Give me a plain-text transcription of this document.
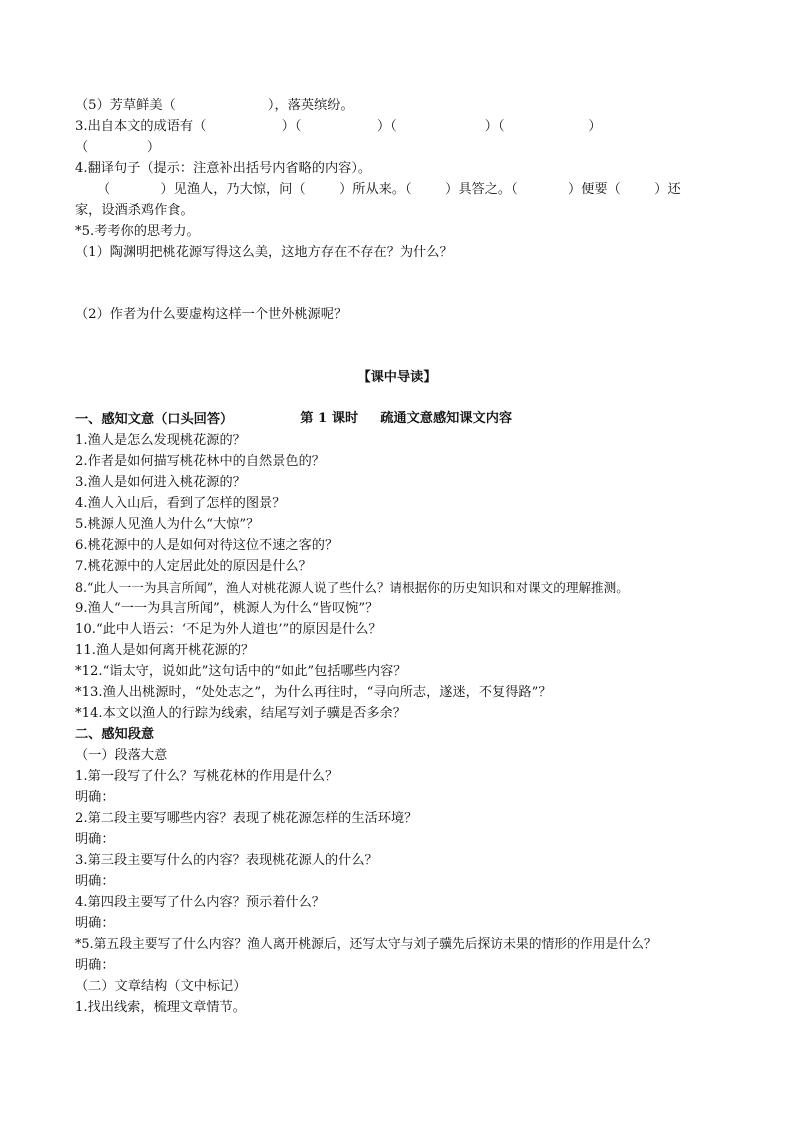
（5）芳草鲜美（                      ），落英缤纷。
3.出自本文的成语有（                  ）（                  ）（                     ）（                    ）
（              ）
4.翻译句子（提示：注意补出括号内省略的内容）。
（            ）见渔人，乃大惊，问（        ）所从来。（        ）具答之。（            ）便要（        ）还
家，设酒杀鸡作食。
*5.考考你的思考力。
（1）陶渊明把桃花源写得这么美，这地方存在不存在？为什么？
（2）作者为什么要虚构这样一个世外桃源呢？
【课中导读】

第 1 课时 疏通文意感知课文内容

一、感知文意（口头回答）
1.渔人是怎么发现桃花源的？
2.作者是如何描写桃花林中的自然景色的？
3.渔人是如何进入桃花源的？
4.渔人入山后，看到了怎样的图景？
5.桃源人见渔人为什么“大惊”？
6.桃花源中的人是如何对待这位不速之客的？
7.桃花源中的人定居此处的原因是什么？
8.“此人一一为具言所闻”，渔人对桃花源人说了些什么？请根据你的历史知识和对课文的理解推测。
9.渔人“一一为具言所闻”，桃源人为什么“皆叹惋”？
10.“此中人语云：‘不足为外人道也’”的原因是什么？
11.渔人是如何离开桃花源的？
*12.“诣太守，说如此”这句话中的“如此”包括哪些内容？
*13.渔人出桃源时，“处处志之”，为什么再往时，“寻向所志，遂迷，不复得路”？
*14.本文以渔人的行踪为线索，结尾写刘子骥是否多余？
二、感知段意
（一）段落大意
1.第一段写了什么？写桃花林的作用是什么？
明确：
2.第二段主要写哪些内容？表现了桃花源怎样的生活环境？
明确：
3.第三段主要写什么的内容？表现桃花源人的什么？
明确：
4.第四段主要写了什么内容？预示着什么？
明确：
*5.第五段主要写了什么内容？渔人离开桃源后，还写太守与刘子骥先后探访未果的情形的作用是什么？
明确：
（二）文章结构（文中标记）
1.找出线索，梳理文章情节。
